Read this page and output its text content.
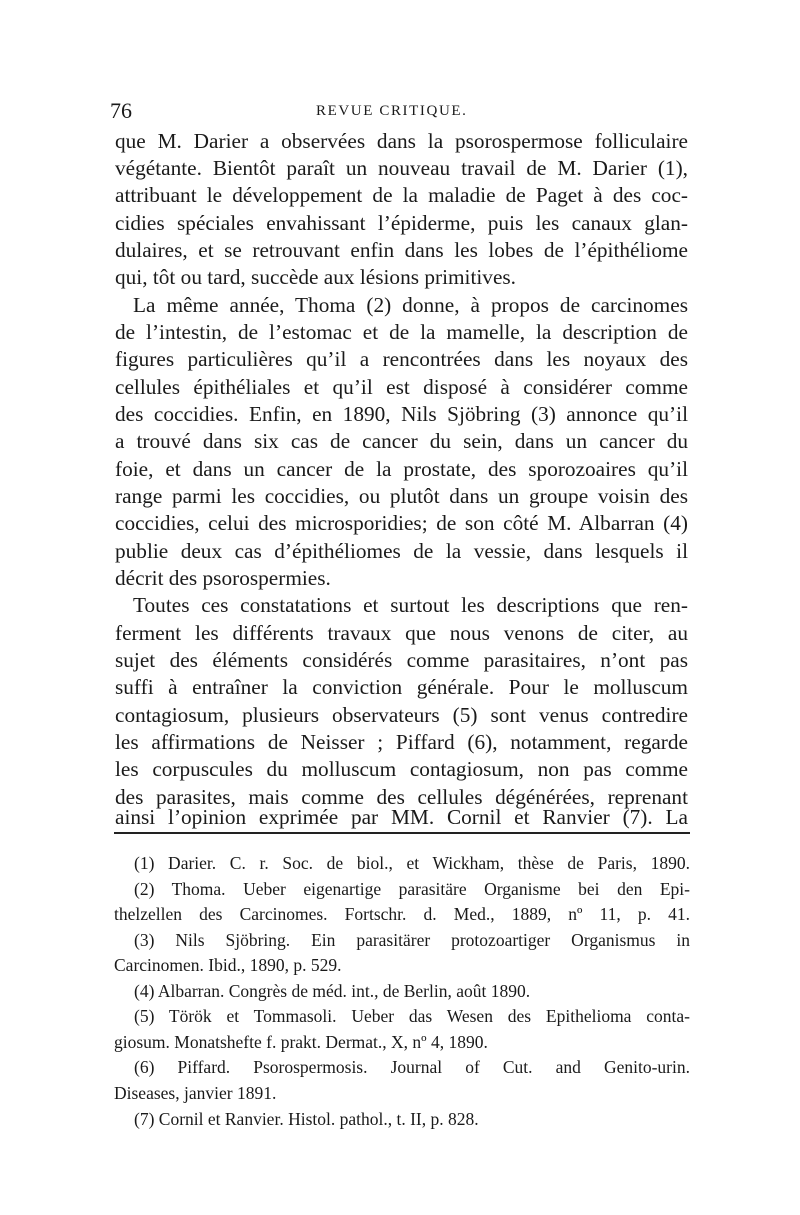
76	REVUE CRITIQUE.
que M. Darier a observées dans la psorospermose folliculaire
végétante. Bientôt paraît un nouveau travail de M. Darier (1),
attribuant le développement de la maladie de Paget à des coc-
cidies spéciales envahissant l’épiderme, puis les canaux glan-
dulaires, et se retrouvant enfin dans les lobes de l’épithéliome
qui, tôt ou tard, succède aux lésions primitives.
La même année, Thoma (2) donne, à propos de carcinomes
de l’intestin, de l’estomac et de la mamelle, la description de
figures particulières qu’il a rencontrées dans les noyaux des
cellules épithéliales et qu’il est disposé à considérer comme
des coccidies. Enfin, en 1890, Nils Sjöbring (3) annonce qu’il
a trouvé dans six cas de cancer du sein, dans un cancer du
foie, et dans un cancer de la prostate, des sporozoaires qu’il
range parmi les coccidies, ou plutôt dans un groupe voisin des
coccidies, celui des microsporidies; de son côté M. Albarran (4)
publie deux cas d’épithéliomes de la vessie, dans lesquels il
décrit des psorospermies.
Toutes ces constatations et surtout les descriptions que ren-
ferment les différents travaux que nous venons de citer, au
sujet des éléments considérés comme parasitaires, n’ont pas
suffi à entraîner la conviction générale. Pour le molluscum
contagiosum, plusieurs observateurs (5) sont venus contredire
les affirmations de Neisser ; Piffard (6), notamment, regarde
les corpuscules du molluscum contagiosum, non pas comme
des parasites, mais comme des cellules dégénérées, reprenant
ainsi l’opinion exprimée par MM. Cornil et Ranvier (7). La
(1) Darier. C. r. Soc. de biol., et Wickham, thèse de Paris, 1890.
(2) Thoma. Ueber eigenartige parasitäre Organisme bei den Epi-
thelzellen des Carcinomes. Fortschr. d. Med., 1889, nº 11, p. 41.
(3) Nils Sjöbring. Ein parasitärer protozoartiger Organismus in
Carcinomen. Ibid., 1890, p. 529.
(4) Albarran. Congrès de méd. int., de Berlin, août 1890.
(5) Török et Tommasoli. Ueber das Wesen des Epithelioma conta-
giosum. Monatshefte f. prakt. Dermat., X, nº 4, 1890.
(6) Piffard. Psorospermosis. Journal of Cut. and Genito-urin.
Diseases, janvier 1891.
(7) Cornil et Ranvier. Histol. pathol., t. II, p. 828.
